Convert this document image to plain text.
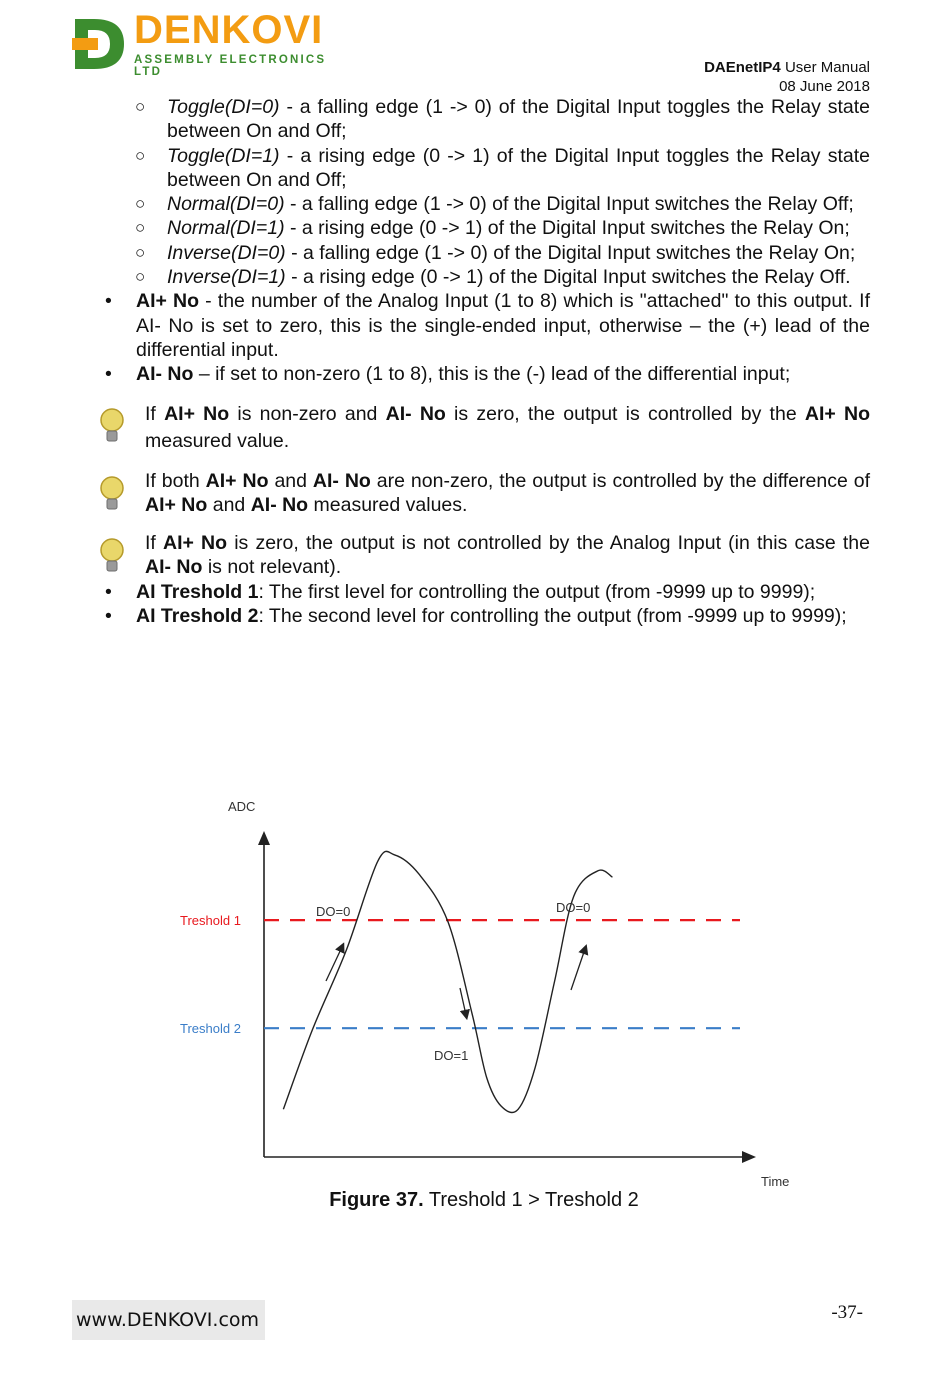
DENKOVI
ASSEMBLY ELECTRONICS LTD	DAEnetIP4 User Manual
08 June 2018
○ Toggle(DI=0) - a falling edge (1 -> 0) of the Digital Input toggles the Relay state between On and Off;
○ Toggle(DI=1) - a rising edge (0 -> 1) of the Digital Input toggles the Relay state between On and Off;
○ Normal(DI=0) - a falling edge (1 -> 0) of the Digital Input switches the Relay Off;
○ Normal(DI=1) - a rising edge (0 -> 1) of the Digital Input switches the Relay On;
○ Inverse(DI=0) - a falling edge (1 -> 0) of the Digital Input switches the Relay On;
○ Inverse(DI=1) - a rising edge (0 -> 1) of the Digital Input switches the Relay Off.
• AI+ No - the number of the Analog Input (1 to 8) which is "attached" to this output. If AI- No is set to zero, this is the single-ended input, otherwise – the (+) lead of the differential input.
• AI- No – if set to non-zero (1 to 8), this is the (-) lead of the differential input;
If AI+ No is non-zero and AI- No is zero, the output is controlled by the AI+ No measured value.
If both AI+ No and AI- No are non-zero, the output is controlled by the difference of AI+ No and AI- No measured values.
If AI+ No is zero, the output is not controlled by the Analog Input (in this case the AI- No is not relevant).
• AI Treshold 1: The first level for controlling the output (from -9999 up to 9999);
• AI Treshold 2: The second level for controlling the output (from -9999 up to 9999);
ADC
Time
Treshold 1
Treshold 2
DO=0	DO=0
DO=1
Figure 37. Treshold 1 > Treshold 2
www.DENKOVI.com	-37-
